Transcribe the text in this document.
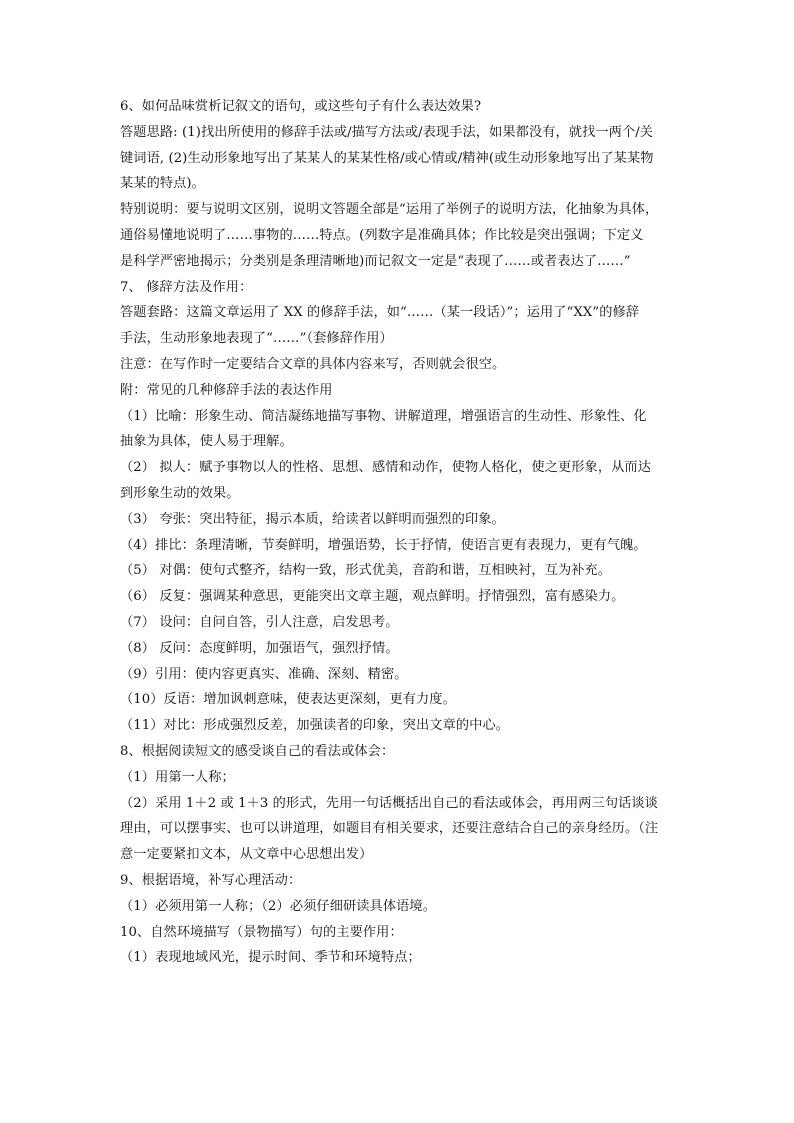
6、如何品味赏析记叙文的语句，或这些句子有什么表达效果?
答题思路: (1)找出所使用的修辞手法或/描写方法或/表现手法，如果都没有，就找一两个/关
键词语, (2)生动形象地写出了某某人的某某性格/或心情或/精神(或生动形象地写出了某某物
某某的特点)。
特别说明：要与说明文区别，说明文答题全部是“运用了举例子的说明方法，化抽象为具体，
通俗易懂地说明了……事物的……特点。(列数字是准确具体；作比较是突出强调；下定义
是科学严密地揭示；分类别是条理清晰地)而记叙文一定是“表现了……或者表达了……”
7、 修辞方法及作用：
答题套路：这篇文章运用了 XX 的修辞手法，如“……（某一段话）”；运用了“XX”的修辞
手法，生动形象地表现了“……”（套修辞作用）
注意：在写作时一定要结合文章的具体内容来写，否则就会很空。
附：常见的几种修辞手法的表达作用
（1）比喻：形象生动、简洁凝练地描写事物、讲解道理，增强语言的生动性、形象性、化
抽象为具体，使人易于理解。
（2） 拟人：赋予事物以人的性格、思想、感情和动作，使物人格化，使之更形象，从而达
到形象生动的效果。
（3） 夸张：突出特征，揭示本质，给读者以鲜明而强烈的印象。
（4）排比：条理清晰，节奏鲜明，增强语势，长于抒情，使语言更有表现力，更有气魄。
（5） 对偶：使句式整齐，结构一致，形式优美，音韵和谐，互相映衬，互为补充。
（6） 反复：强调某种意思，更能突出文章主题，观点鲜明。抒情强烈，富有感染力。
（7） 设问：自问自答，引人注意，启发思考。
（8） 反问：态度鲜明，加强语气，强烈抒情。
（9）引用：使内容更真实、准确、深刻、精密。
（10）反语：增加讽刺意味，使表达更深刻，更有力度。
（11）对比：形成强烈反差，加强读者的印象，突出文章的中心。
8、根据阅读短文的感受谈自己的看法或体会：
（1）用第一人称；
（2）采用 1＋2 或 1＋3 的形式，先用一句话概括出自己的看法或体会，再用两三句话谈谈
理由，可以摆事实、也可以讲道理，如题目有相关要求，还要注意结合自己的亲身经历。（注
意一定要紧扣文本，从文章中心思想出发）
9、根据语境，补写心理活动：
（1）必须用第一人称；（2）必须仔细研读具体语境。
10、自然环境描写（景物描写）句的主要作用：
（1）表现地域风光，提示时间、季节和环境特点；
